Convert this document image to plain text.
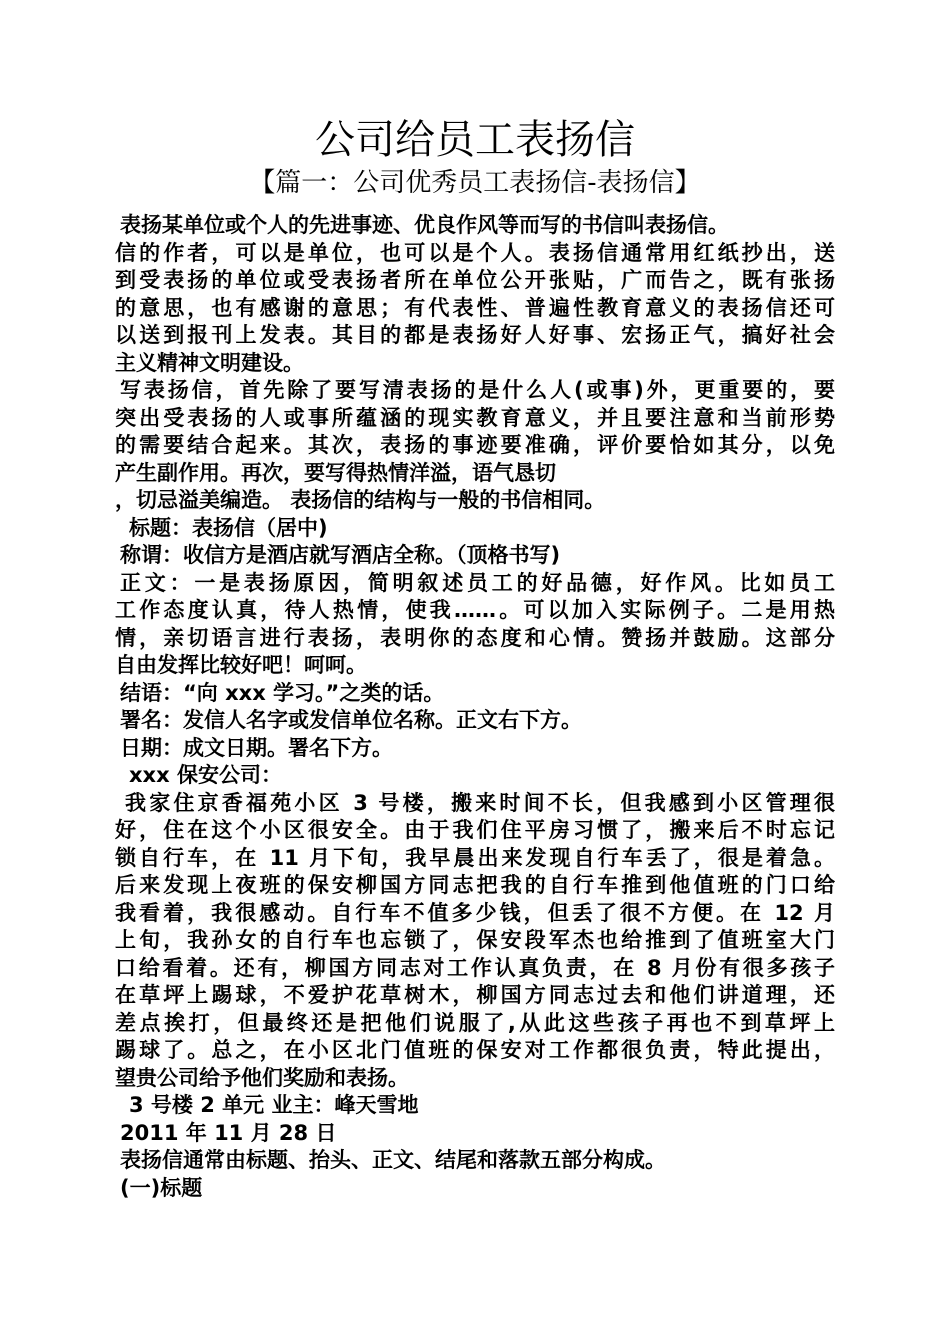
公司给员工表扬信
【篇一：公司优秀员工表扬信-表扬信】
表扬某单位或个人的先进事迹、优良作风等而写的书信叫表扬信。
信的作者，可以是单位，也可以是个人。表扬信通常用红纸抄出，送
到受表扬的单位或受表扬者所在单位公开张贴，广而告之，既有张扬
的意思，也有感谢的意思；有代表性、普遍性教育意义的表扬信还可
以送到报刊上发表。其目的都是表扬好人好事、宏扬正气，搞好社会
主义精神文明建设。
写表扬信，首先除了要写清表扬的是什么人(或事)外，更重要的，要
突出受表扬的人或事所蕴涵的现实教育意义，并且要注意和当前形势
的需要结合起来。其次，表扬的事迹要准确，评价要恰如其分，以免
产生副作用。再次，要写得热情洋溢，语气恳切
，切忌溢美编造。 表扬信的结构与一般的书信相同。
标题：表扬信（居中)
称谓：收信方是酒店就写酒店全称。（顶格书写)
正文：一是表扬原因，简明叙述员工的好品德，好作风。比如员工
工作态度认真，待人热情，使我……。可以加入实际例子。二是用热
情，亲切语言进行表扬，表明你的态度和心情。赞扬并鼓励。这部分
自由发挥比较好吧！呵呵。
结语：“向 xxx 学习。”之类的话。
署名：发信人名字或发信单位名称。正文右下方。
日期：成文日期。署名下方。
xxx 保安公司：
我家住京香福苑小区 3 号楼，搬来时间不长，但我感到小区管理很
好，住在这个小区很安全。由于我们住平房习惯了，搬来后不时忘记
锁自行车，在 11 月下旬，我早晨出来发现自行车丢了，很是着急。
后来发现上夜班的保安柳国方同志把我的自行车推到他值班的门口给
我看着，我很感动。自行车不值多少钱，但丢了很不方便。在 12 月
上旬，我孙女的自行车也忘锁了，保安段军杰也给推到了值班室大门
口给看着。还有，柳国方同志对工作认真负责，在 8 月份有很多孩子
在草坪上踢球，不爱护花草树木，柳国方同志过去和他们讲道理，还
差点挨打，但最终还是把他们说服了,从此这些孩子再也不到草坪上
踢球了。总之，在小区北门值班的保安对工作都很负责，特此提出，
望贵公司给予他们奖励和表扬。
3 号楼 2 单元 业主：峰天雪地
2011 年 11 月 28 日
表扬信通常由标题、抬头、正文、结尾和落款五部分构成。
(一)标题
